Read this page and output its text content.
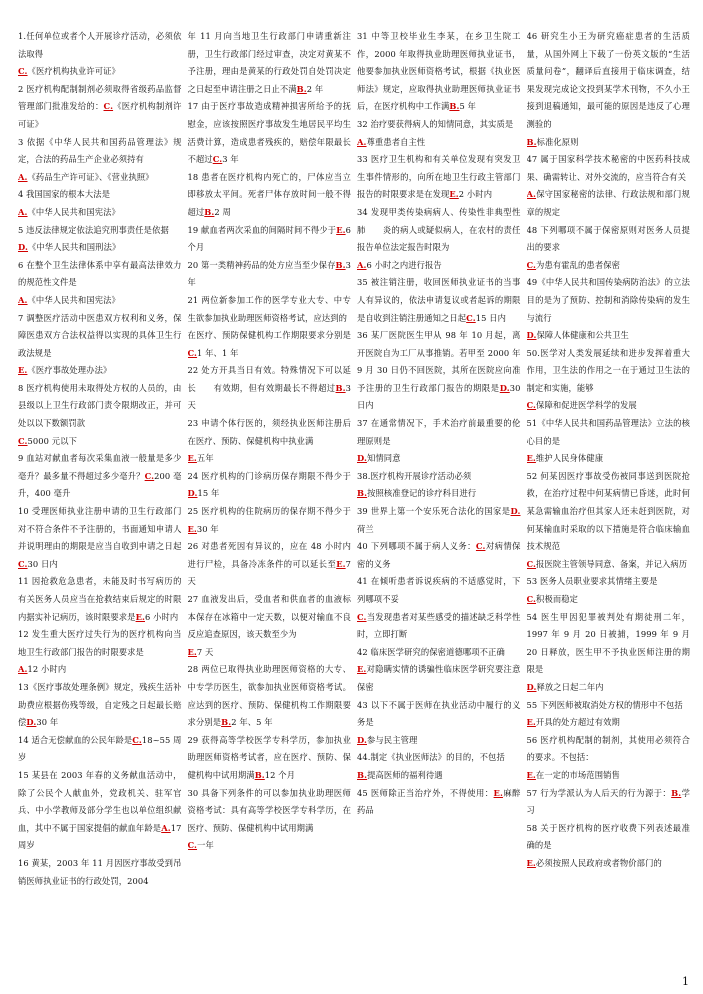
1.任何单位或者个人开展诊疗活动，必须依法取得

C.《医疗机构执业许可证》

2 医疗机构配制制剂必须取得省级药品监督管理部门批准发给的：C.《医疗机构制剂许可证》

3 依据《中华人民共和国药品管理法》规定，合法的药品生产企业必须持有

A.《药品生产许可证》、《营业执照》

4 我国国家的根本大法是

A.《中华人民共和国宪法》

5 违反法律规定依法追究刑事责任是依据

D.《中华人民共和国刑法》

6 在整个卫生法律体系中享有最高法律效力的规范性文件是

A.《中华人民共和国宪法》

7 调整医疗活动中医患双方权利和义务，保障医患双方合法权益得以实现的具体卫生行政法规是

E.《医疗事故处理办法》

8 医疗机构使用未取得处方权的人员的，由县级以上卫生行政部门责令限期改正，并可处以以下数额罚款

C.5000 元以下

9 血站对献血者每次采集血液一般量是多少　　毫升？最多量不得超过多少毫升？C.200 毫升，400 毫升

10 受理医师执业注册申请的卫生行政部门对不符合条件不予注册的，书面通知申请人并说明理由的期限是应当自收到申请之日起C.30 日内

11 因抢救危急患者，未能及时书写病历的　　有关医务人员应当在抢救结束后规定的时限内据实补记病历，该时限要求是E.6 小时内

12 发生重大医疗过失行为的医疗机构向当地卫生行政部门报告的时限要求是

A.12 小时内

13《医疗事故处理条例》规定，残疾生活补助费应根据伤残等级，自定残之日起最长赔偿D.30 年

14 适合无偿献血的公民年龄是C.18~55 周岁

15 某县在 2003 年春的义务献血活动中，除了公民个人献血外，党政机关、驻军官兵、中小学教师及部分学生也以单位组织献血，其中不属于国家提倡的献血年龄是A.17 周岁

16 黄某，2003 年 11 月因医疗事故受到吊销医师执业证书的行政处罚，2004

年 11 月向当地卫生行政部门申请重新注册，卫生行政部门经过审查，决定对黄某不予注册，理由是黄某的行政处罚自处罚决定之日起至申请注册之日止不满B.2 年

17 由于医疗事故造成精神损害所给予的抚慰金，应该按照医疗事故发生地居民平均生活费计算，造成患者残疾的，赔偿年限最长不超过C.3 年

18 患者在医疗机构内死亡的，尸体应当立即移放太平间。死者尸体存放时间一般不得超过B.2 周

19 献血者两次采血的间隔时间不得少于E.6 个月

20 第一类精神药品的处方应当至少保存B.3 年

21 两位新参加工作的医学专业大专、中专生欲参加执业助理医师资格考试，应达到的

在医疗、预防保健机构工作期限要求分别是C.1 年、1 年

22 处方开具当日有效。特殊情况下可以延长　　有效期，但有效期最长不得超过B.3 天

23 申请个体行医的，须经执业医师注册后在医疗、预防、保健机构中执业满

E.五年

24 医疗机构的门诊病历保存期限不得少于D.15 年

25 医疗机构的住院病历的保存期不得少于E.30 年

26 对患者死因有异议的，应在 48 小时内进行尸检，具备冷冻条件的可以延长至E.7 天

27 血液发出后，受血者和供血者的血液标本保存在冰箱中一定天数，以便对输血不良反应追查原因，该天数至少为

E.7 天

28 两位已取得执业助理医师资格的大专、中专学历医生，欲参加执业医师资格考试。应达到的医疗、预防、保健机构工作期限要求分别是B.2 年、5 年

29 获得高等学校医学专科学历，参加执业助理医师资格考试者，应在医疗、预防、保健机构中试用期满B.12 个月

30 具备下列条件的可以参加执业助理医师资格考试：具有高等学校医学专科学历，在医疗、预防、保健机构中试用期满

C.一年

31 中等卫校毕业生李某，在乡卫生院工作，2000 年取得执业助理医师执业证书，他要参加执业医师资格考试，根据《执业医师法》规定，应取得执业助理医师执业证书后，在医疗机构中工作满B.5 年

32 治疗要获得病人的知情同意，其实质是

A.尊重患者自主性

33 医疗卫生机构和有关单位发现有突发卫生事件情形的，向所在地卫生行政主管部门报告的时限要求是在发现E.2 小时内

34 发现甲类传染病病人、传染性非典型性肺　　炎的病人或疑似病人，在农村的责任报告单位法定报告时限为

A.6 小时之内进行报告

35 被注销注册，收回医师执业证书的当事人有异议的，依法申请复议或者起诉的期限是自收到注销注册通知之日起C.15 日内

36 某厂医院医生甲从 98 年 10 月起，离开医院自为工厂从事推销。若甲至 2000 年 9 月 30 日仍不回医院，其所在医院应向准予注册的卫生行政部门报告的期限是D.30 日内

37 在通常情况下，手术治疗前最重要的伦理原则是

D.知情同意

38.医疗机构开展诊疗活动必须

B.按照核准登记的诊疗科目进行

39 世界上第一个安乐死合法化的国家是D.荷兰

40 下列哪项不属于病人义务：C.对病情保密的义务

41 在倾听患者诉说疾病的不适感觉时，下列哪项不妥

C.当发现患者对某些感受的描述缺乏科学性时，立即打断

42 临床医学研究的保密道德哪项不正确

E.对隐瞒实情的诱骗性临床医学研究要注意保密

43 以下不属于医师在执业活动中履行的义务是

D.参与民主管理

44.制定《执业医师法》的目的，不包括

B.提高医师的福利待遇

45 医师除正当治疗外，不得使用：E.麻醉药品

46 研究生小王为研究癌症患者的生活质量，从国外网上下载了一份英文版的“生活质量问卷”，翻译后直接用于临床调查，结果发现完成论文投到某学术刊物，不久小王接到退稿通知，最可能的原因是违反了心理测验的

B.标准化原则

47 属于国家科学技术秘密的中医药科技成果、确需转让、对外交流的，应当符合有关

A.保守国家秘密的法律、行政法规和部门规章的规定

48 下列哪项不属于保密原则对医务人员提出的要求

C.为患有霍乱的患者保密

49《中华人民共和国传染病防治法》的立法目的是为了预防、控制和消除传染病的发生与流行

D.保障人体健康和公共卫生

50.医学对人类发展延续和进步发挥着重大作用，卫生法的作用之一在于通过卫生法的制定和实施，能够

C.保障和促进医学科学的发展

51《中华人民共和国药品管理法》立法的核心目的是

E.维护人民身体健康

52 何某因医疗事故受伤被同事送到医院抢救，在治疗过程中何某病情已昏迷，此时何某急需输血治疗但其家人还未赶到医院，对何某输血时采取的以下措施是符合临床输血技术规范

C.报医院主管领导同意、备案，并记入病历

53 医务人员职业要求其情绪主要是

C.积极而稳定

54 医生甲因犯罪被判处有期徒刑二年，1997 年 9 月 20 日被捕，1999 年 9 月 20 日释放，医生甲不予执业医师注册的期限是

D.释放之日起二年内

55 下列医师被取消处方权的情形中不包括

E.开具的处方超过有效期

56 医疗机构配制的制剂，其使用必须符合的要求。不包括：

E.在一定的市场范围销售

57 行为学派认为人后天的行为源于：B.学习

58 关于医疗机构的医疗收费下列表述最准确的是

E.必须按照人民政府或者物价部门的

1
